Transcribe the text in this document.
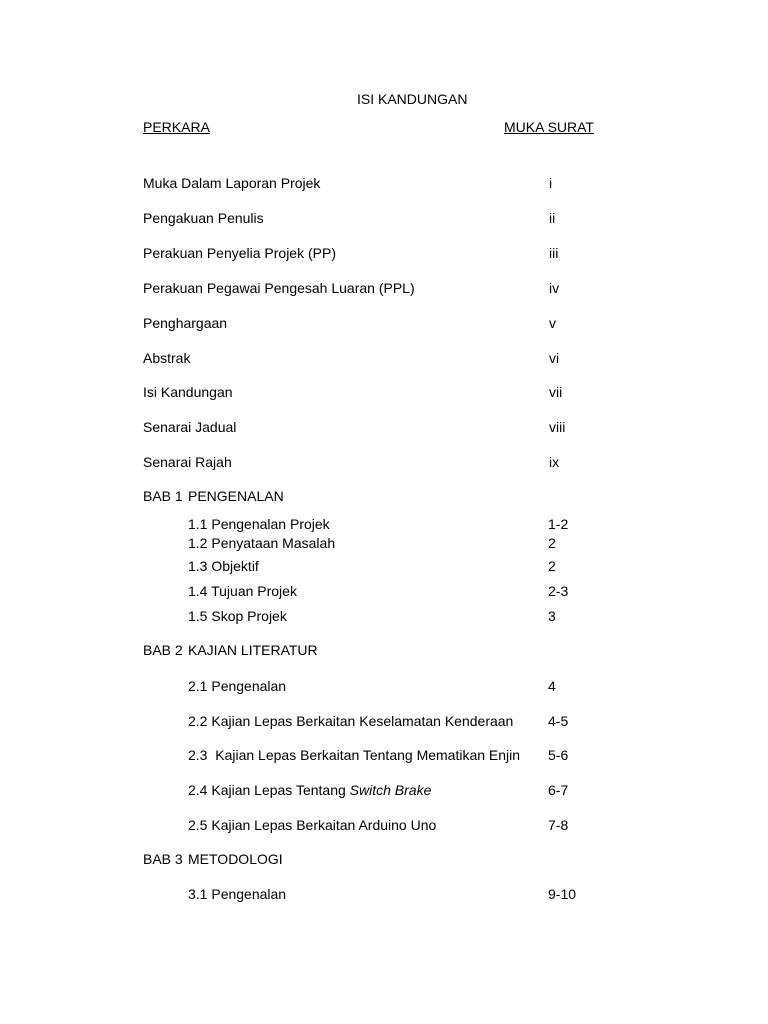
ISI KANDUNGAN
PERKARA	MUKA SURAT
Muka Dalam Laporan Projek	i
Pengakuan Penulis	ii
Perakuan Penyelia Projek (PP)	iii
Perakuan Pegawai Pengesah Luaran (PPL)	iv
Penghargaan	v
Abstrak	vi
Isi Kandungan	vii
Senarai Jadual	viii
Senarai Rajah	ix
BAB 1 PENGENALAN
1.1 Pengenalan Projek	1-2
1.2 Penyataan Masalah	2
1.3 Objektif	2
1.4 Tujuan Projek	2-3
1.5 Skop Projek	3
BAB 2 KAJIAN LITERATUR
2.1 Pengenalan	4
2.2 Kajian Lepas Berkaitan Keselamatan Kenderaan 4-5
2.3  Kajian Lepas Berkaitan Tentang Mematikan Enjin 5-6
2.4 Kajian Lepas Tentang Switch Brake	6-7
2.5 Kajian Lepas Berkaitan Arduino Uno	7-8
BAB 3 METODOLOGI
3.1 Pengenalan	9-10
